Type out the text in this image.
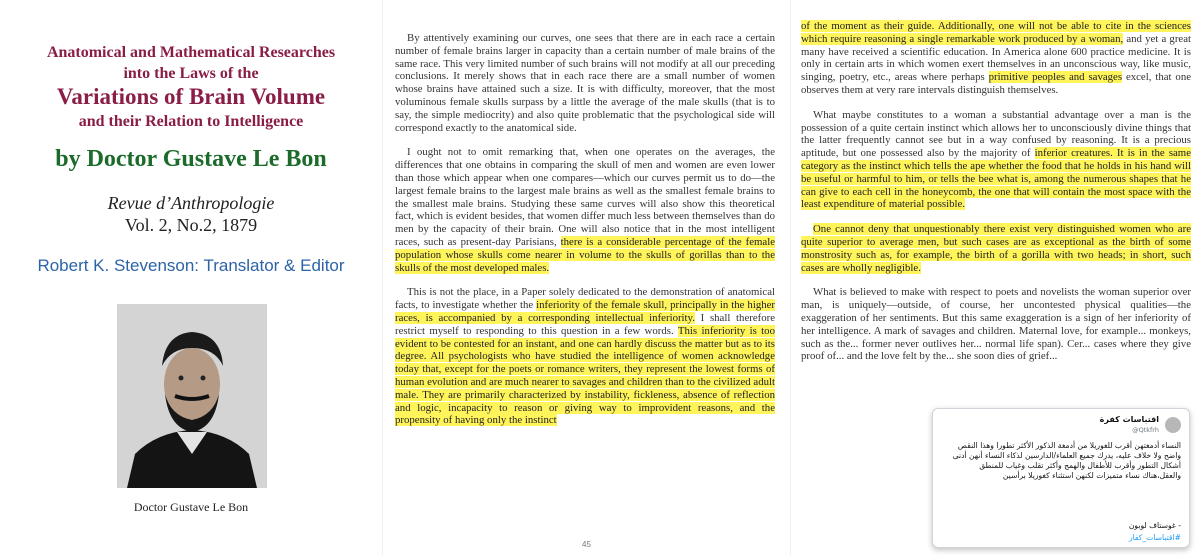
Anatomical and Mathematical Researches
into the Laws of the
Variations of Brain Volume
and their Relation to Intelligence
by Doctor Gustave Le Bon
Revue d’Anthropologie
Vol. 2, No.2, 1879
Robert K. Stevenson: Translator & Editor
Doctor Gustave Le Bon

By attentively examining our curves, one sees that there are in each race a certain number of female brains larger in capacity than a certain number of male brains of the same race. This very limited number of such brains will not modify at all our preceding conclusions. It merely shows that in each race there are a small number of women whose brains have attained such a size. It is with difficulty, moreover, that the most voluminous female skulls surpass by a little the average of the male skulls (that is to say, the simple mediocrity) and also quite problematic that the psychological side will correspond exactly to the anatomical side.

I ought not to omit remarking that, when one operates on the averages, the differences that one obtains in comparing the skull of men and women are even lower than those which appear when one compares—which our curves permit us to do—the largest female brains to the largest male brains as well as the smallest female brains to the smallest male brains. Studying these same curves will also show this theoretical fact, which is evident besides, that women differ much less between themselves than do men by the capacity of their brain. One will also notice that in the most intelligent races, such as present-day Parisians, there is a considerable percentage of the female population whose skulls come nearer in volume to the skulls of gorillas than to the skulls of the most developed males.

This is not the place, in a Paper solely dedicated to the demonstration of anatomical facts, to investigate whether the inferiority of the female skull, principally in the higher races, is accompanied by a corresponding intellectual inferiority. I shall therefore restrict myself to responding to this question in a few words. This inferiority is too evident to be contested for an instant, and one can hardly discuss the matter but as to its degree. All psychologists who have studied the intelligence of women acknowledge today that, except for the poets or romance writers, they represent the lowest forms of human evolution and are much nearer to savages and children than to the civilized adult male. They are primarily characterized by instability, fickleness, absence of reflection and logic, incapacity to reason or giving way to improvident reasons, and the propensity of having only the instinct

45

of the moment as their guide. Additionally, one will not be able to cite in the sciences which require reasoning a single remarkable work produced by a woman, and yet a great many have received a scientific education. In America alone 600 practice medicine. It is only in certain arts in which women exert themselves in an unconscious way, like music, singing, poetry, etc., areas where perhaps primitive peoples and savages excel, that one observes them at very rare intervals distinguish themselves.

What maybe constitutes to a woman a substantial advantage over a man is the possession of a quite certain instinct which allows her to unconsciously divine things that the latter frequently cannot see but in a way confused by reasoning. It is a precious aptitude, but one possessed also by the majority of inferior creatures. It is in the same category as the instinct which tells the ape whether the food that he holds in his hand will be useful or harmful to him, or tells the bee what is, among the numerous shapes that he can give to each cell in the honeycomb, the one that will contain the most space with the least expenditure of material possible.

One cannot deny that unquestionably there exist very distinguished women who are quite superior to average men, but such cases are as exceptional as the birth of some monstrosity such as, for example, the birth of a gorilla with two heads; in short, such cases are wholly negligible.

What is believed to make with respect to poets and novelists the woman superior over man, is uniquely—outside, of course, her uncontested physical qualities—the exaggeration of her sentiments. But this same exaggeration is a sign of her inferiority of her intelligence. A mark of savages and children. Maternal love, for example... monkeys, such as the... former never outlives her... normal life span). Cer... cases where they give proof of... and the love felt by the... she soon dies of grief...

اقتباسات كفرة
@Qtkfrh
النساء أدمغتهن أقرب للغوريلا من أدمغة الذكور الأكثر تطورا وهذا النقص واضح ولا خلاف عليه، يدرك جميع العلماء/الدارسين لذكاء النساء أنهن أدنى أشكال التطور وأقرب للأطفال والهمج وأكثر تقلب وغياب للمنطق والعقل،هناك نساء متميزات لكنهن استثناء كغوريلا برأسين
- غوستاف لوبون
#اقتباسات_كفار
